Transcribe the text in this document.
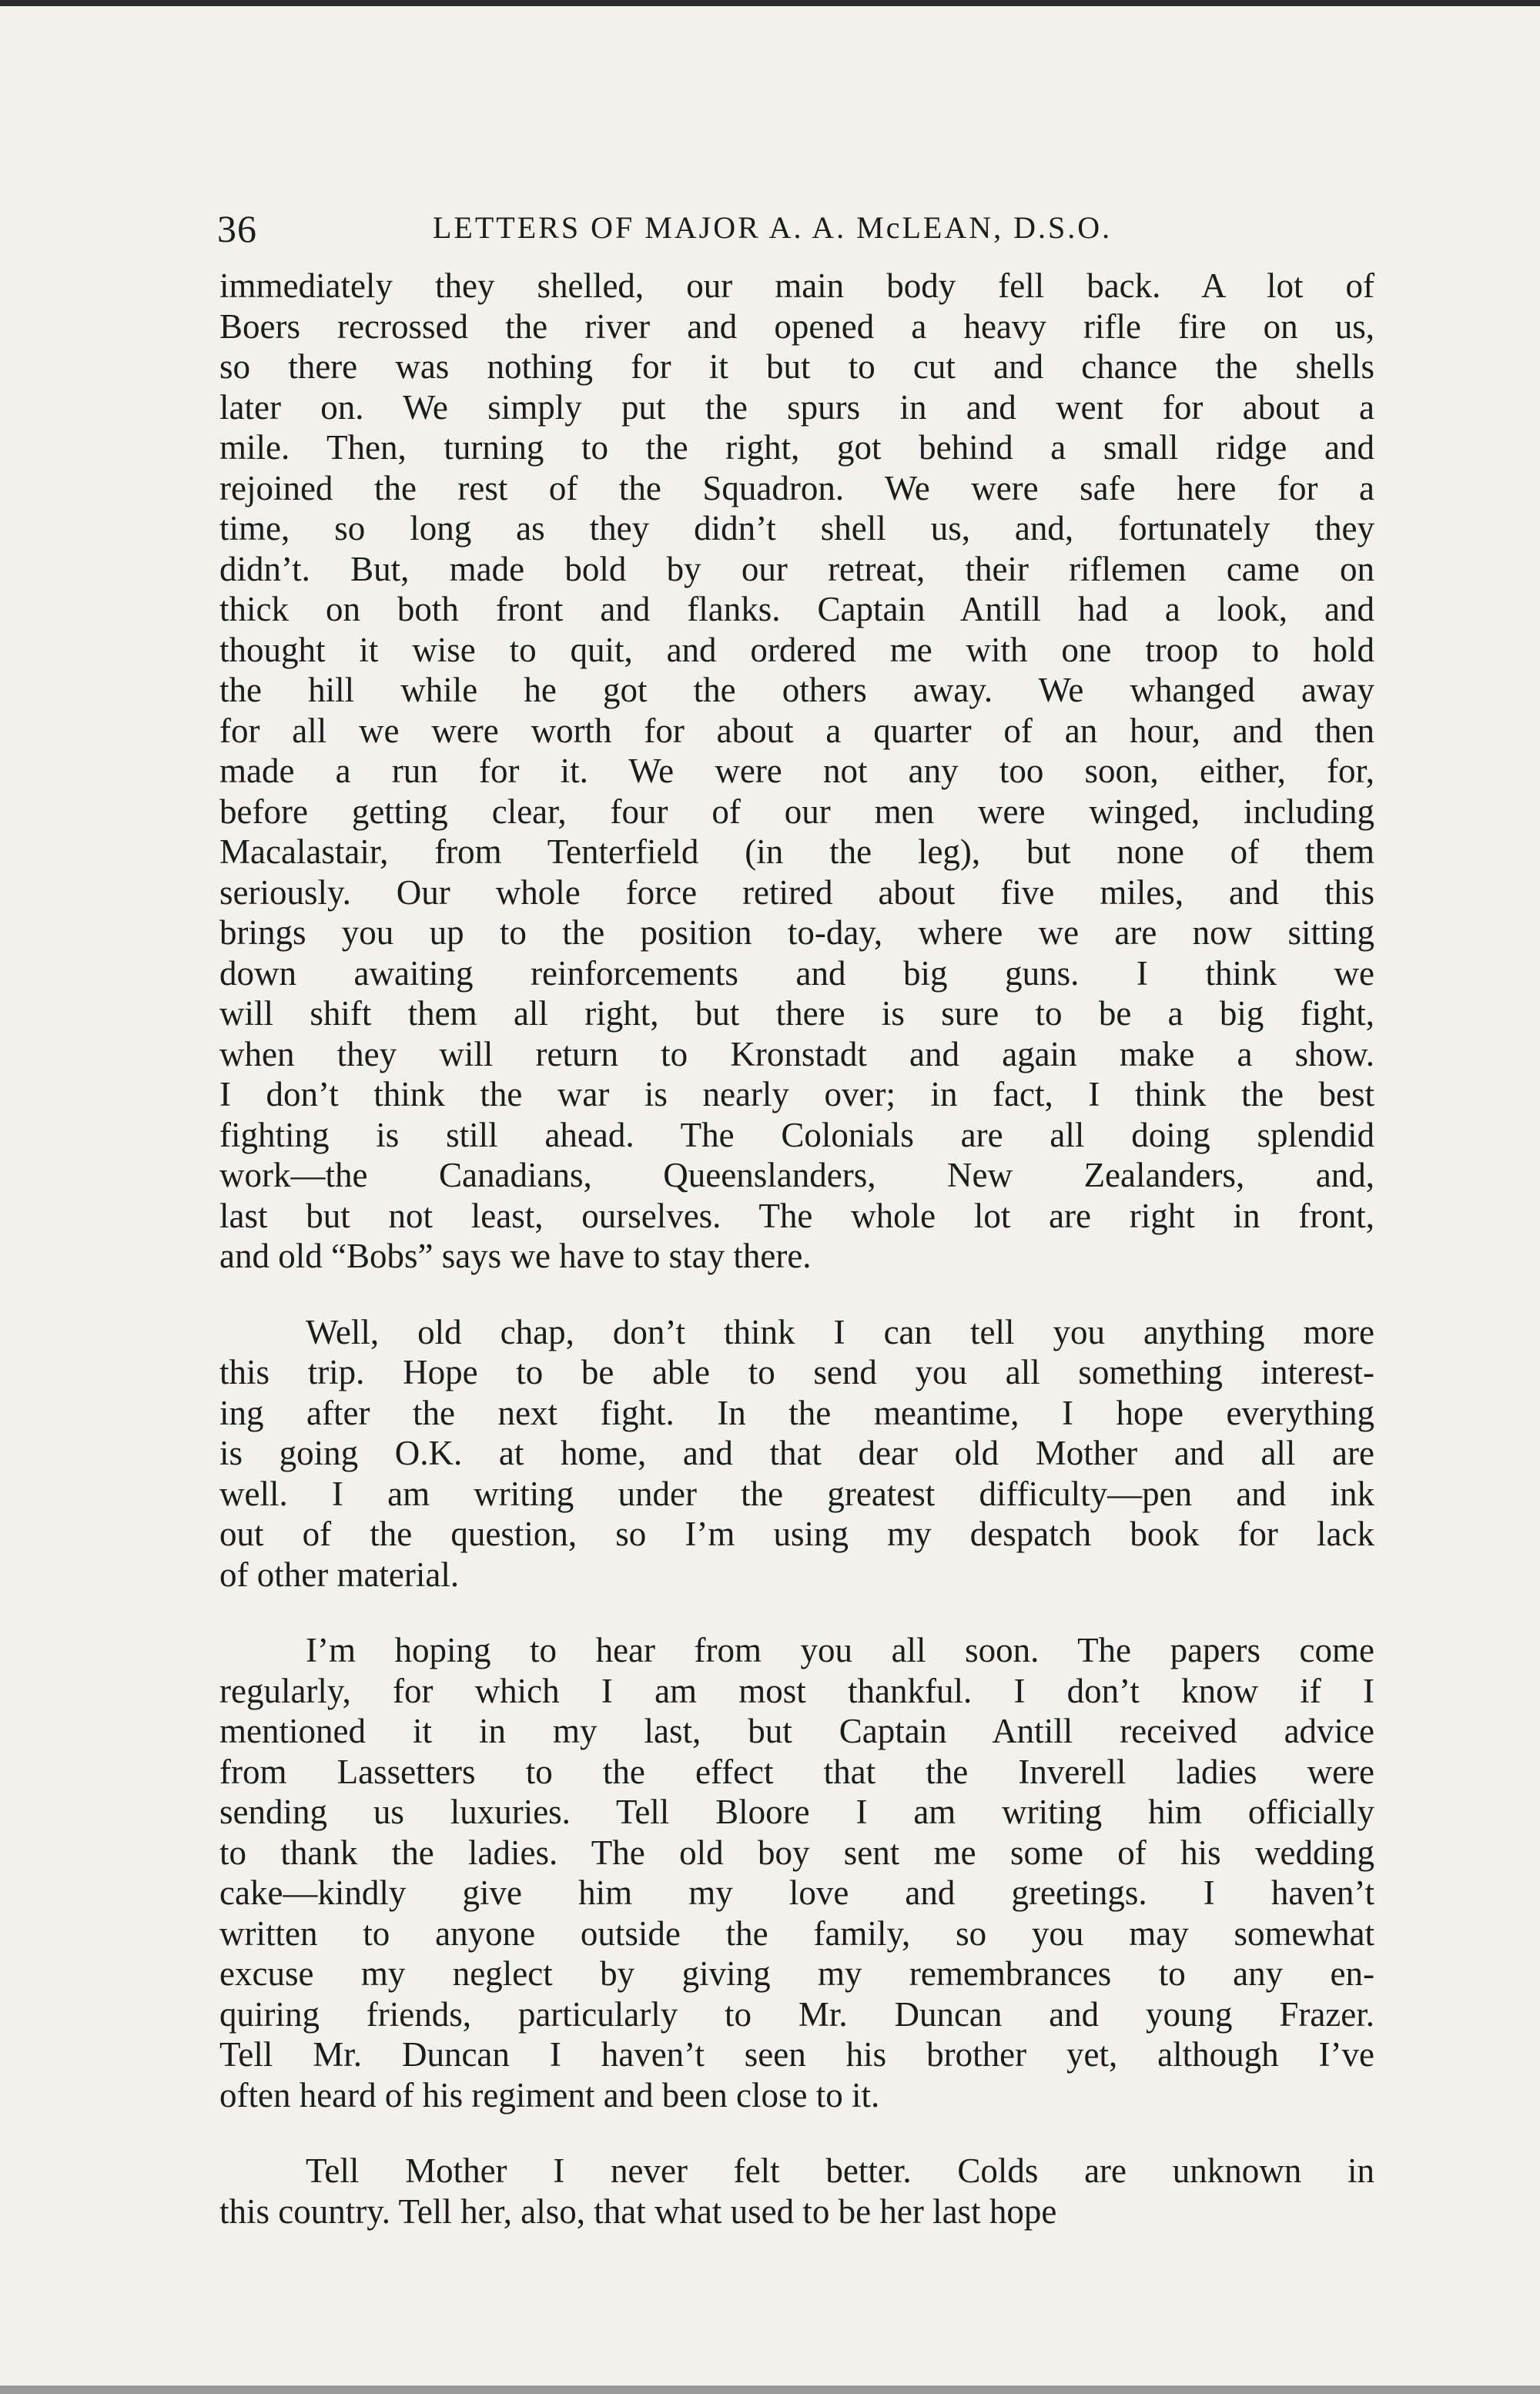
36	LETTERS OF MAJOR A. A. McLEAN, D.S.O.

immediately they shelled, our main body fell back. A lot of
Boers recrossed the river and opened a heavy rifle fire on us,
so there was nothing for it but to cut and chance the shells
later on. We simply put the spurs in and went for about a
mile. Then, turning to the right, got behind a small ridge and
rejoined the rest of the Squadron. We were safe here for a
time, so long as they didn’t shell us, and, fortunately they
didn’t. But, made bold by our retreat, their riflemen came on
thick on both front and flanks. Captain Antill had a look, and
thought it wise to quit, and ordered me with one troop to hold
the hill while he got the others away. We whanged away
for all we were worth for about a quarter of an hour, and then
made a run for it. We were not any too soon, either, for,
before getting clear, four of our men were winged, including
Macalastair, from Tenterfield (in the leg), but none of them
seriously. Our whole force retired about five miles, and this
brings you up to the position to-day, where we are now sitting
down awaiting reinforcements and big guns. I think we
will shift them all right, but there is sure to be a big fight,
when they will return to Kronstadt and again make a show.
I don’t think the war is nearly over; in fact, I think the best
fighting is still ahead. The Colonials are all doing splendid
work—the Canadians, Queenslanders, New Zealanders, and,
last but not least, ourselves. The whole lot are right in front,
and old “Bobs” says we have to stay there.

Well, old chap, don’t think I can tell you anything more
this trip. Hope to be able to send you all something interest-
ing after the next fight. In the meantime, I hope everything
is going O.K. at home, and that dear old Mother and all are
well. I am writing under the greatest difficulty—pen and ink
out of the question, so I’m using my despatch book for lack
of other material.

I’m hoping to hear from you all soon. The papers come
regularly, for which I am most thankful. I don’t know if I
mentioned it in my last, but Captain Antill received advice
from Lassetters to the effect that the Inverell ladies were
sending us luxuries. Tell Bloore I am writing him officially
to thank the ladies. The old boy sent me some of his wedding
cake—kindly give him my love and greetings. I haven’t
written to anyone outside the family, so you may somewhat
excuse my neglect by giving my remembrances to any en-
quiring friends, particularly to Mr. Duncan and young Frazer.
Tell Mr. Duncan I haven’t seen his brother yet, although I’ve
often heard of his regiment and been close to it.

Tell Mother I never felt better. Colds are unknown in
this country. Tell her, also, that what used to be her last hope
